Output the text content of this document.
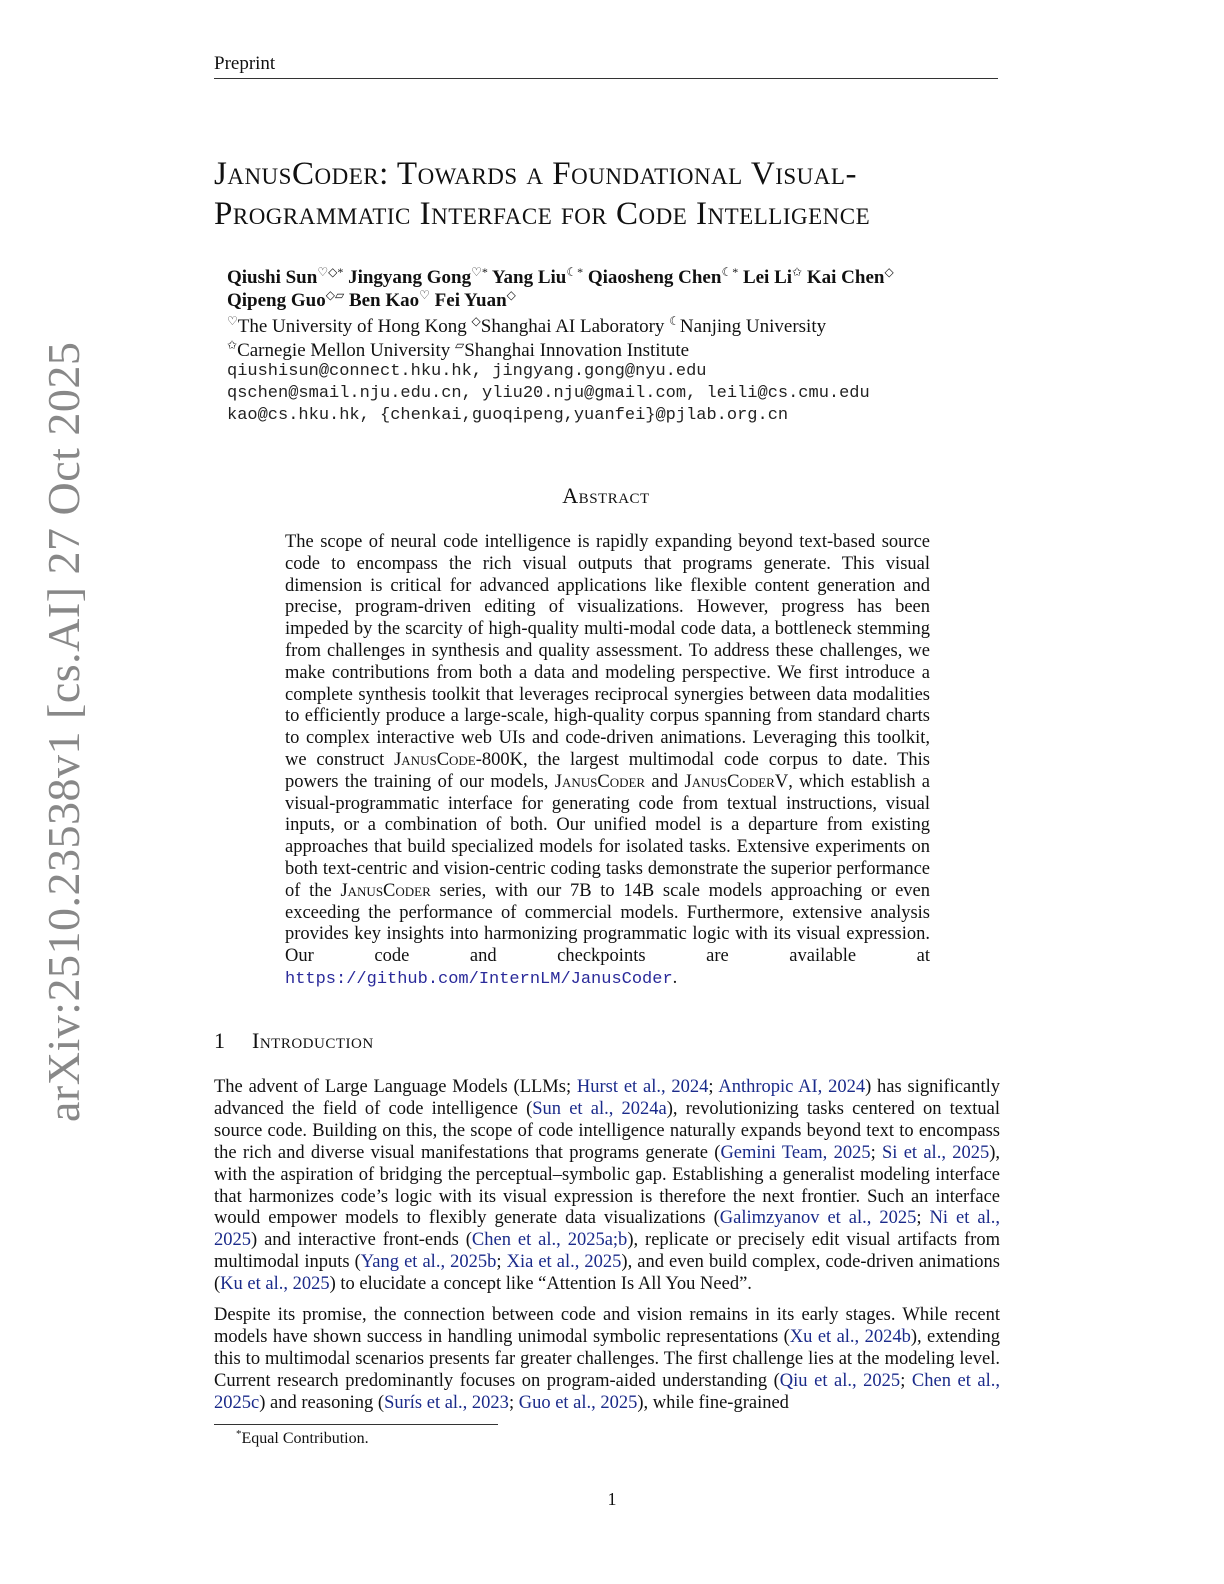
Preprint
arXiv:2510.23538v1 [cs.AI] 27 Oct 2025
JanusCoder: Towards a Foundational Visual-
Programmatic Interface for Code Intelligence
Qiushi Sun♡◇* Jingyang Gong♡* Yang Liu☾* Qiaosheng Chen☾* Lei Li✩ Kai Chen◇
Qipeng Guo◇▱ Ben Kao♡ Fei Yuan◇
♡The University of Hong Kong ◇Shanghai AI Laboratory ☾Nanjing University
✩Carnegie Mellon University ▱Shanghai Innovation Institute
qiushisun@connect.hku.hk, jingyang.gong@nyu.edu
qschen@smail.nju.edu.cn, yliu20.nju@gmail.com, leili@cs.cmu.edu
kao@cs.hku.hk, {chenkai,guoqipeng,yuanfei}@pjlab.org.cn
Abstract
The scope of neural code intelligence is rapidly expanding beyond text-based source code to encompass the rich visual outputs that programs generate. This visual dimension is critical for advanced applications like flexible content generation and precise, program-driven editing of visualizations. However, progress has been impeded by the scarcity of high-quality multi-modal code data, a bottleneck stemming from challenges in synthesis and quality assessment. To address these challenges, we make contributions from both a data and modeling perspective. We first introduce a complete synthesis toolkit that leverages reciprocal synergies between data modalities to efficiently produce a large-scale, high-quality corpus spanning from standard charts to complex interactive web UIs and code-driven animations. Leveraging this toolkit, we construct JanusCode-800K, the largest multimodal code corpus to date. This powers the training of our models, JanusCoder and JanusCoderV, which establish a visual-programmatic interface for generating code from textual instructions, visual inputs, or a combination of both. Our unified model is a departure from existing approaches that build specialized models for isolated tasks. Extensive experiments on both text-centric and vision-centric coding tasks demonstrate the superior performance of the JanusCoder series, with our 7B to 14B scale models approaching or even exceeding the performance of commercial models. Furthermore, extensive analysis provides key insights into harmonizing programmatic logic with its visual expression. Our code and checkpoints are available at https://github.com/InternLM/JanusCoder.
1 Introduction

The advent of Large Language Models (LLMs; Hurst et al., 2024; Anthropic AI, 2024) has significantly advanced the field of code intelligence (Sun et al., 2024a), revolutionizing tasks centered on textual source code. Building on this, the scope of code intelligence naturally expands beyond text to encompass the rich and diverse visual manifestations that programs generate (Gemini Team, 2025; Si et al., 2025), with the aspiration of bridging the perceptual–symbolic gap. Establishing a generalist modeling interface that harmonizes code’s logic with its visual expression is therefore the next frontier. Such an interface would empower models to flexibly generate data visualizations (Galimzyanov et al., 2025; Ni et al., 2025) and interactive front-ends (Chen et al., 2025a;b), replicate or precisely edit visual artifacts from multimodal inputs (Yang et al., 2025b; Xia et al., 2025), and even build complex, code-driven animations (Ku et al., 2025) to elucidate a concept like “Attention Is All You Need”.

Despite its promise, the connection between code and vision remains in its early stages. While recent models have shown success in handling unimodal symbolic representations (Xu et al., 2024b), extending this to multimodal scenarios presents far greater challenges. The first challenge lies at the modeling level. Current research predominantly focuses on program-aided understanding (Qiu et al., 2025; Chen et al., 2025c) and reasoning (Surís et al., 2023; Guo et al., 2025), while fine-grained

*Equal Contribution.
1
